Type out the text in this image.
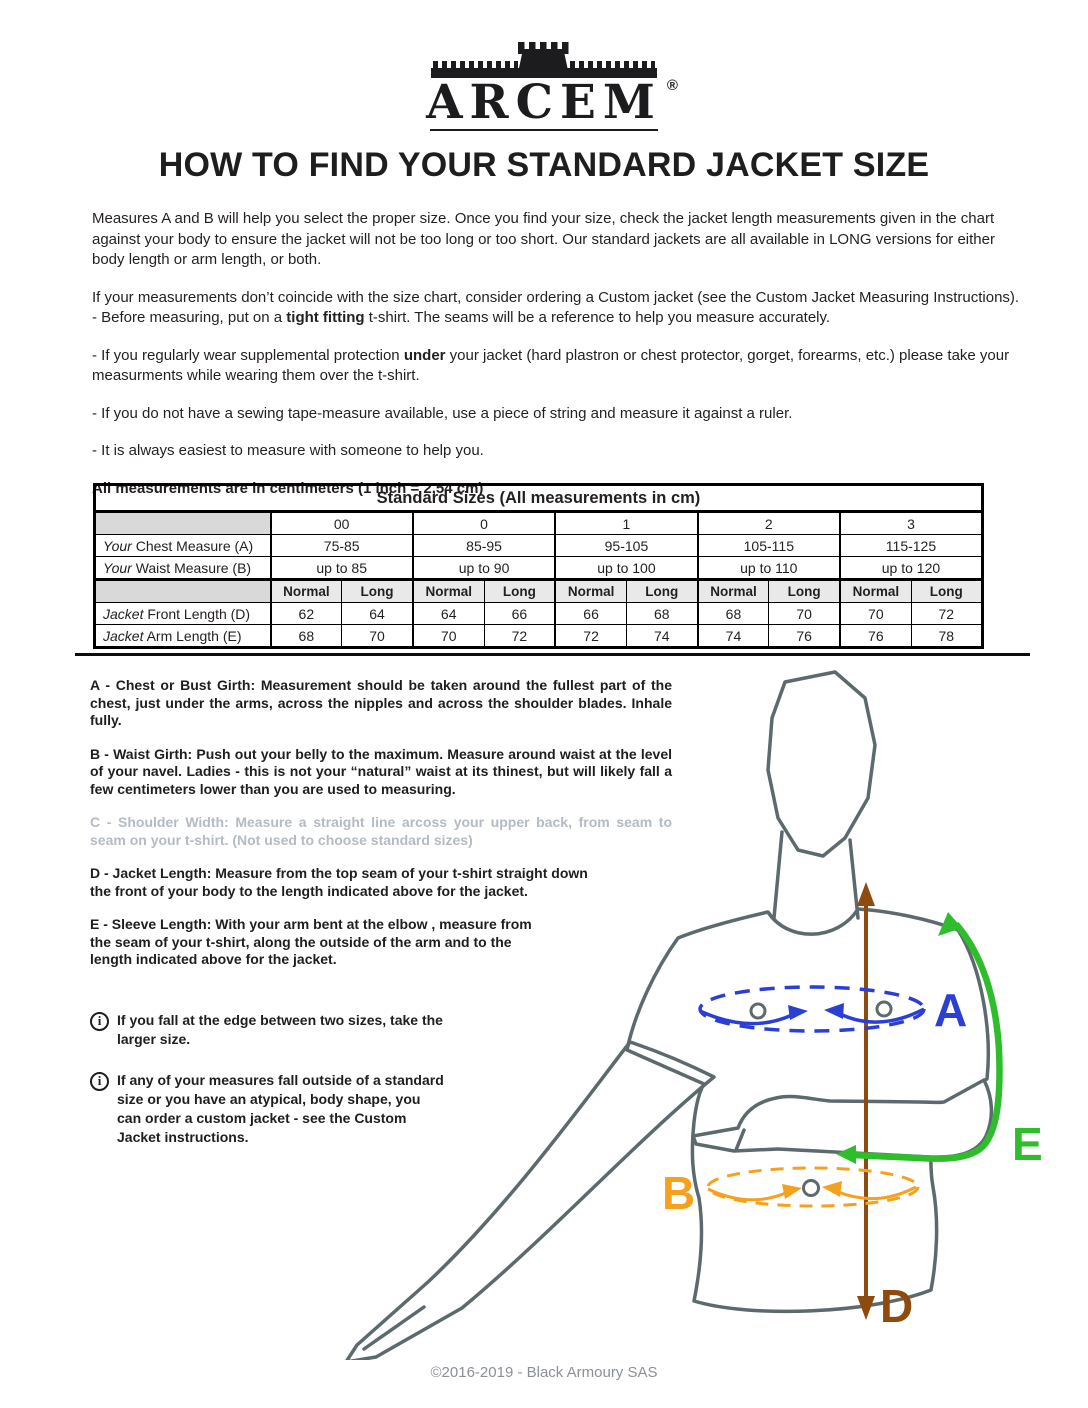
ARCEM ®
HOW TO FIND YOUR STANDARD JACKET SIZE

Measures A and B will help you select the proper size. Once you find your size, check the jacket length measurements given in the chart against your body to ensure the jacket will not be too long or too short. Our standard jackets are all available in LONG versions for either body length or arm length, or both.

If your measurements don’t coincide with the size chart, consider ordering a Custom jacket (see the Custom Jacket Measuring Instructions).

- Before measuring, put on a tight fitting t-shirt. The seams will be a reference to help you measure accurately.

- If you regularly wear supplemental protection under your jacket (hard plastron or chest protector, gorget, forearms, etc.) please take your measurments while wearing them over the t-shirt.

- If you do not have a sewing tape-measure available, use a piece of string and measure it against a ruler.

- It is always easiest to measure with someone to help you.

All measurements are in centimeters (1 inch = 2,54 cm)

Standard Sizes (All measurements in cm)										
	00		0		1		2		3	
Your Chest Measure (A)	75-85		85-95		95-105		105-115		115-125	
Your Waist Measure (B)	up to 85		up to 90		up to 100		up to 110		up to 120	
	Normal	Long	Normal	Long	Normal	Long	Normal	Long	Normal	Long
Jacket Front Length (D)	62	64	64	66	66	68	68	70	70	72
Jacket Arm Length (E)	68	70	70	72	72	74	74	76	76	78

A - Chest or Bust Girth: Measurement should be taken around the fullest part of the chest, just under the arms, across the nipples and across the shoulder blades. Inhale fully.

B - Waist Girth: Push out your belly to the maximum. Measure around waist at the level of your navel. Ladies - this is not your “natural” waist at its thinest, but will likely fall a few centimeters lower than you are used to measuring.

C - Shoulder Width: Measure a straight line arcoss your upper back, from seam to seam on your t-shirt. (Not used to choose standard sizes)

D - Jacket Length: Measure from the top seam of your t-shirt straight down the front of your body to the length indicated above for the jacket.

E - Sleeve Length: With your arm bent at the elbow , measure from the seam of your t-shirt, along the outside of the arm and to the length indicated above for the jacket.

i	If you fall at the edge between two sizes, take the larger size.
i	If any of your measures fall outside of a standard size or you have an atypical, body shape, you can order a custom jacket - see the Custom Jacket instructions.
D
A
B
E
©2016-2019 - Black Armoury SAS
